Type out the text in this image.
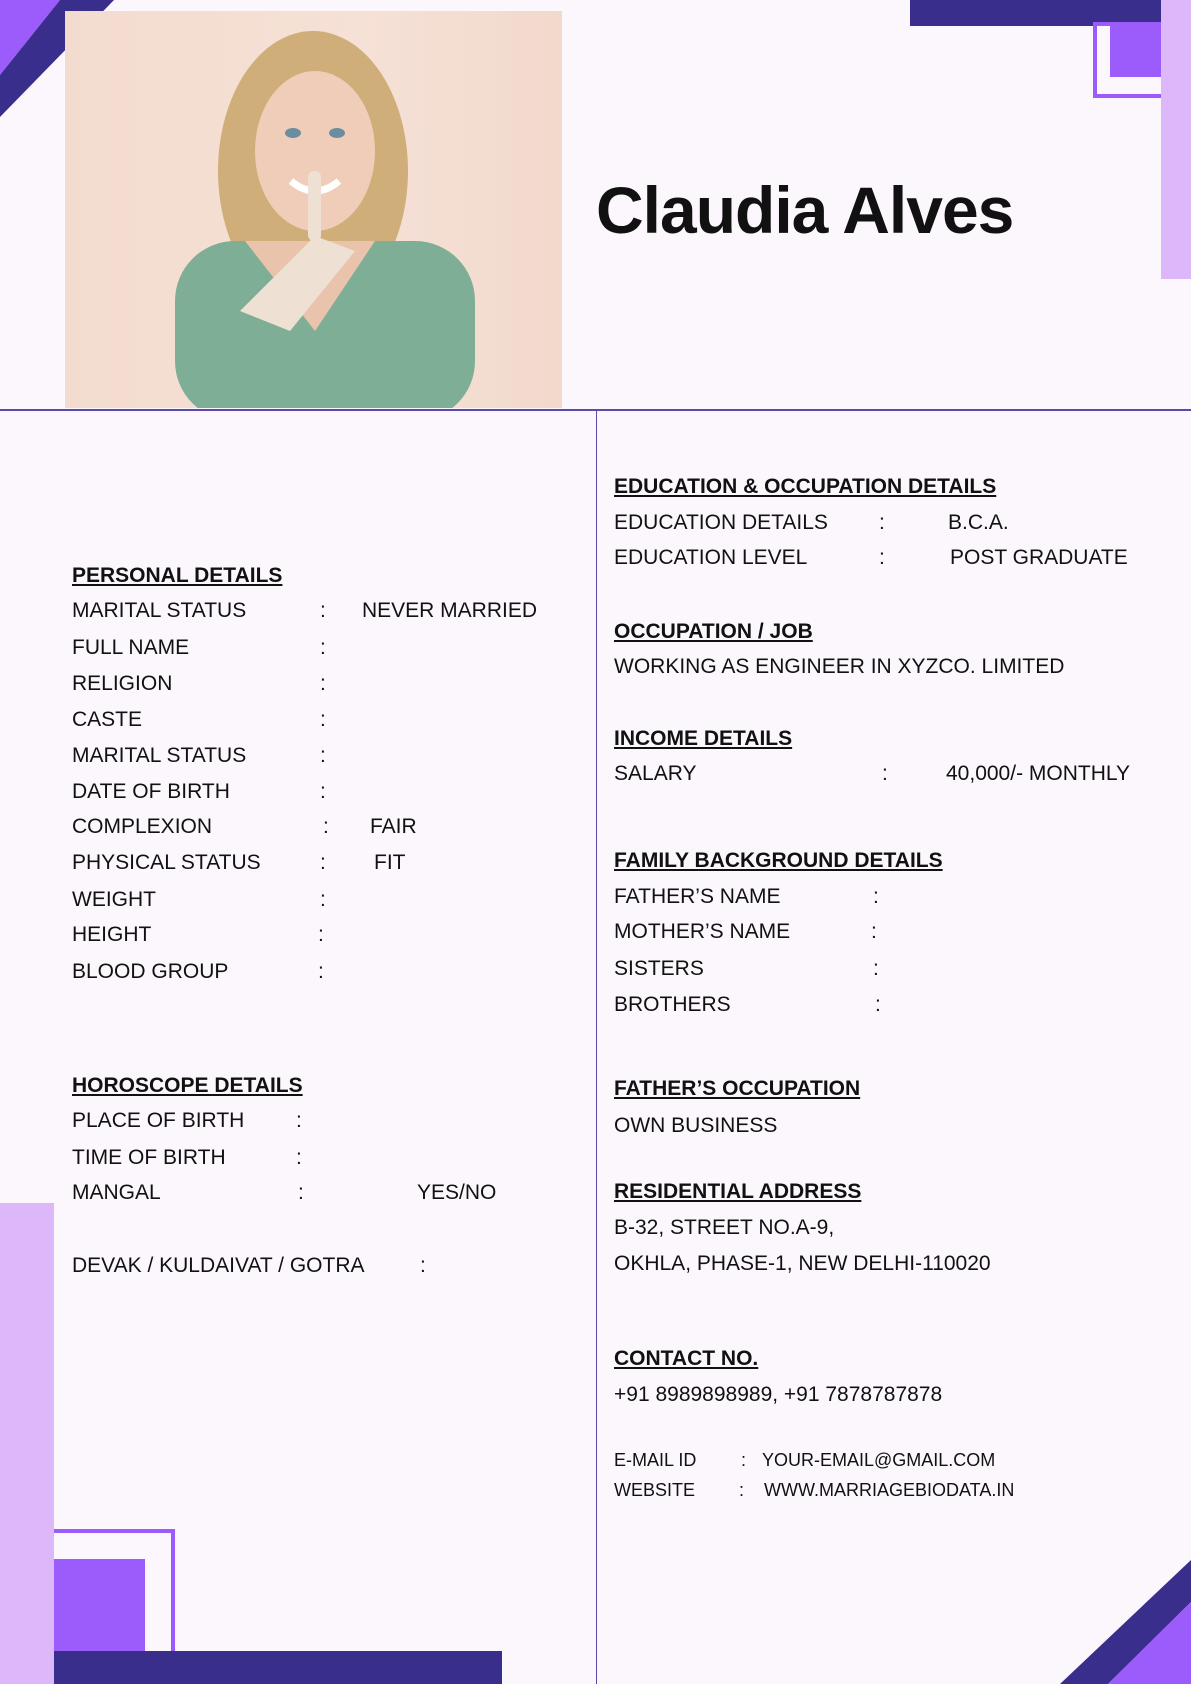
Claudia Alves
PERSONAL DETAILS
MARITAL STATUS	: NEVER MARRIED
FULL NAME	:
RELIGION	:
CASTE	:
MARITAL STATUS	:
DATE OF BIRTH	:
COMPLEXION	: FAIR
PHYSICAL STATUS	: FIT
WEIGHT	:
HEIGHT	:
BLOOD GROUP	:
HOROSCOPE DETAILS
PLACE OF BIRTH :
TIME OF BIRTH	:
MANGAL	:	YES/NO
DEVAK / KULDAIVAT / GOTRA	:
EDUCATION & OCCUPATION DETAILS
EDUCATION DETAILS :	B.C.A.
EDUCATION LEVEL	:	POST GRADUATE
OCCUPATION / JOB
WORKING AS ENGINEER IN XYZCO. LIMITED
INCOME DETAILS
SALARY	:	40,000/- MONTHLY
FAMILY BACKGROUND DETAILS
FATHER’S NAME	:
MOTHER’S NAME	:
SISTERS	:
BROTHERS	:
FATHER’S OCCUPATION
OWN BUSINESS
RESIDENTIAL ADDRESS
B-32, STREET NO.A-9,
OKHLA, PHASE-1, NEW DELHI-110020
CONTACT NO.
+91 8989898989, +91 7878787878
E-MAIL ID : YOUR-EMAIL@GMAIL.COM
WEBSITE : WWW.MARRIAGEBIODATA.IN
